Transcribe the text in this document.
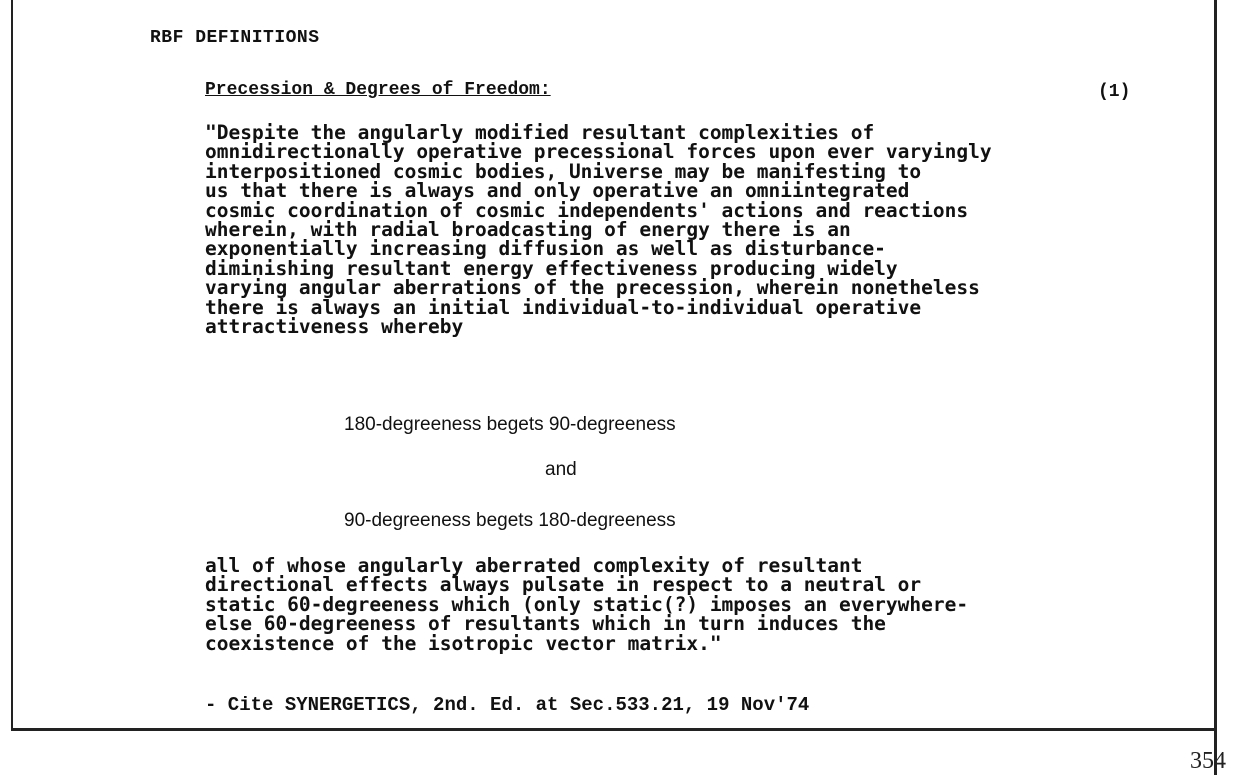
RBF DEFINITIONS
Precession & Degrees of Freedom:	(1)
"Despite the angularly modified resultant complexities of
omnidirectionally operative precessional forces upon ever varyingly
interpositioned cosmic bodies, Universe may be manifesting to
us that there is always and only operative an omniintegrated
cosmic coordination of cosmic independents' actions and reactions
wherein, with radial broadcasting of energy there is an
exponentially increasing diffusion as well as disturbance-
diminishing resultant energy effectiveness producing widely
varying angular aberrations of the precession, wherein nonetheless
there is always an initial individual-to-individual operative
attractiveness whereby
180-degreeness begets 90-degreeness
and
90-degreeness begets 180-degreeness
all of whose angularly aberrated complexity of resultant
directional effects always pulsate in respect to a neutral or
static 60-degreeness which (only static(?) imposes an everywhere-
else 60-degreeness of resultants which in turn induces the
coexistence of the isotropic vector matrix."
- Cite SYNERGETICS, 2nd. Ed. at Sec.533.21, 19 Nov'74
354
